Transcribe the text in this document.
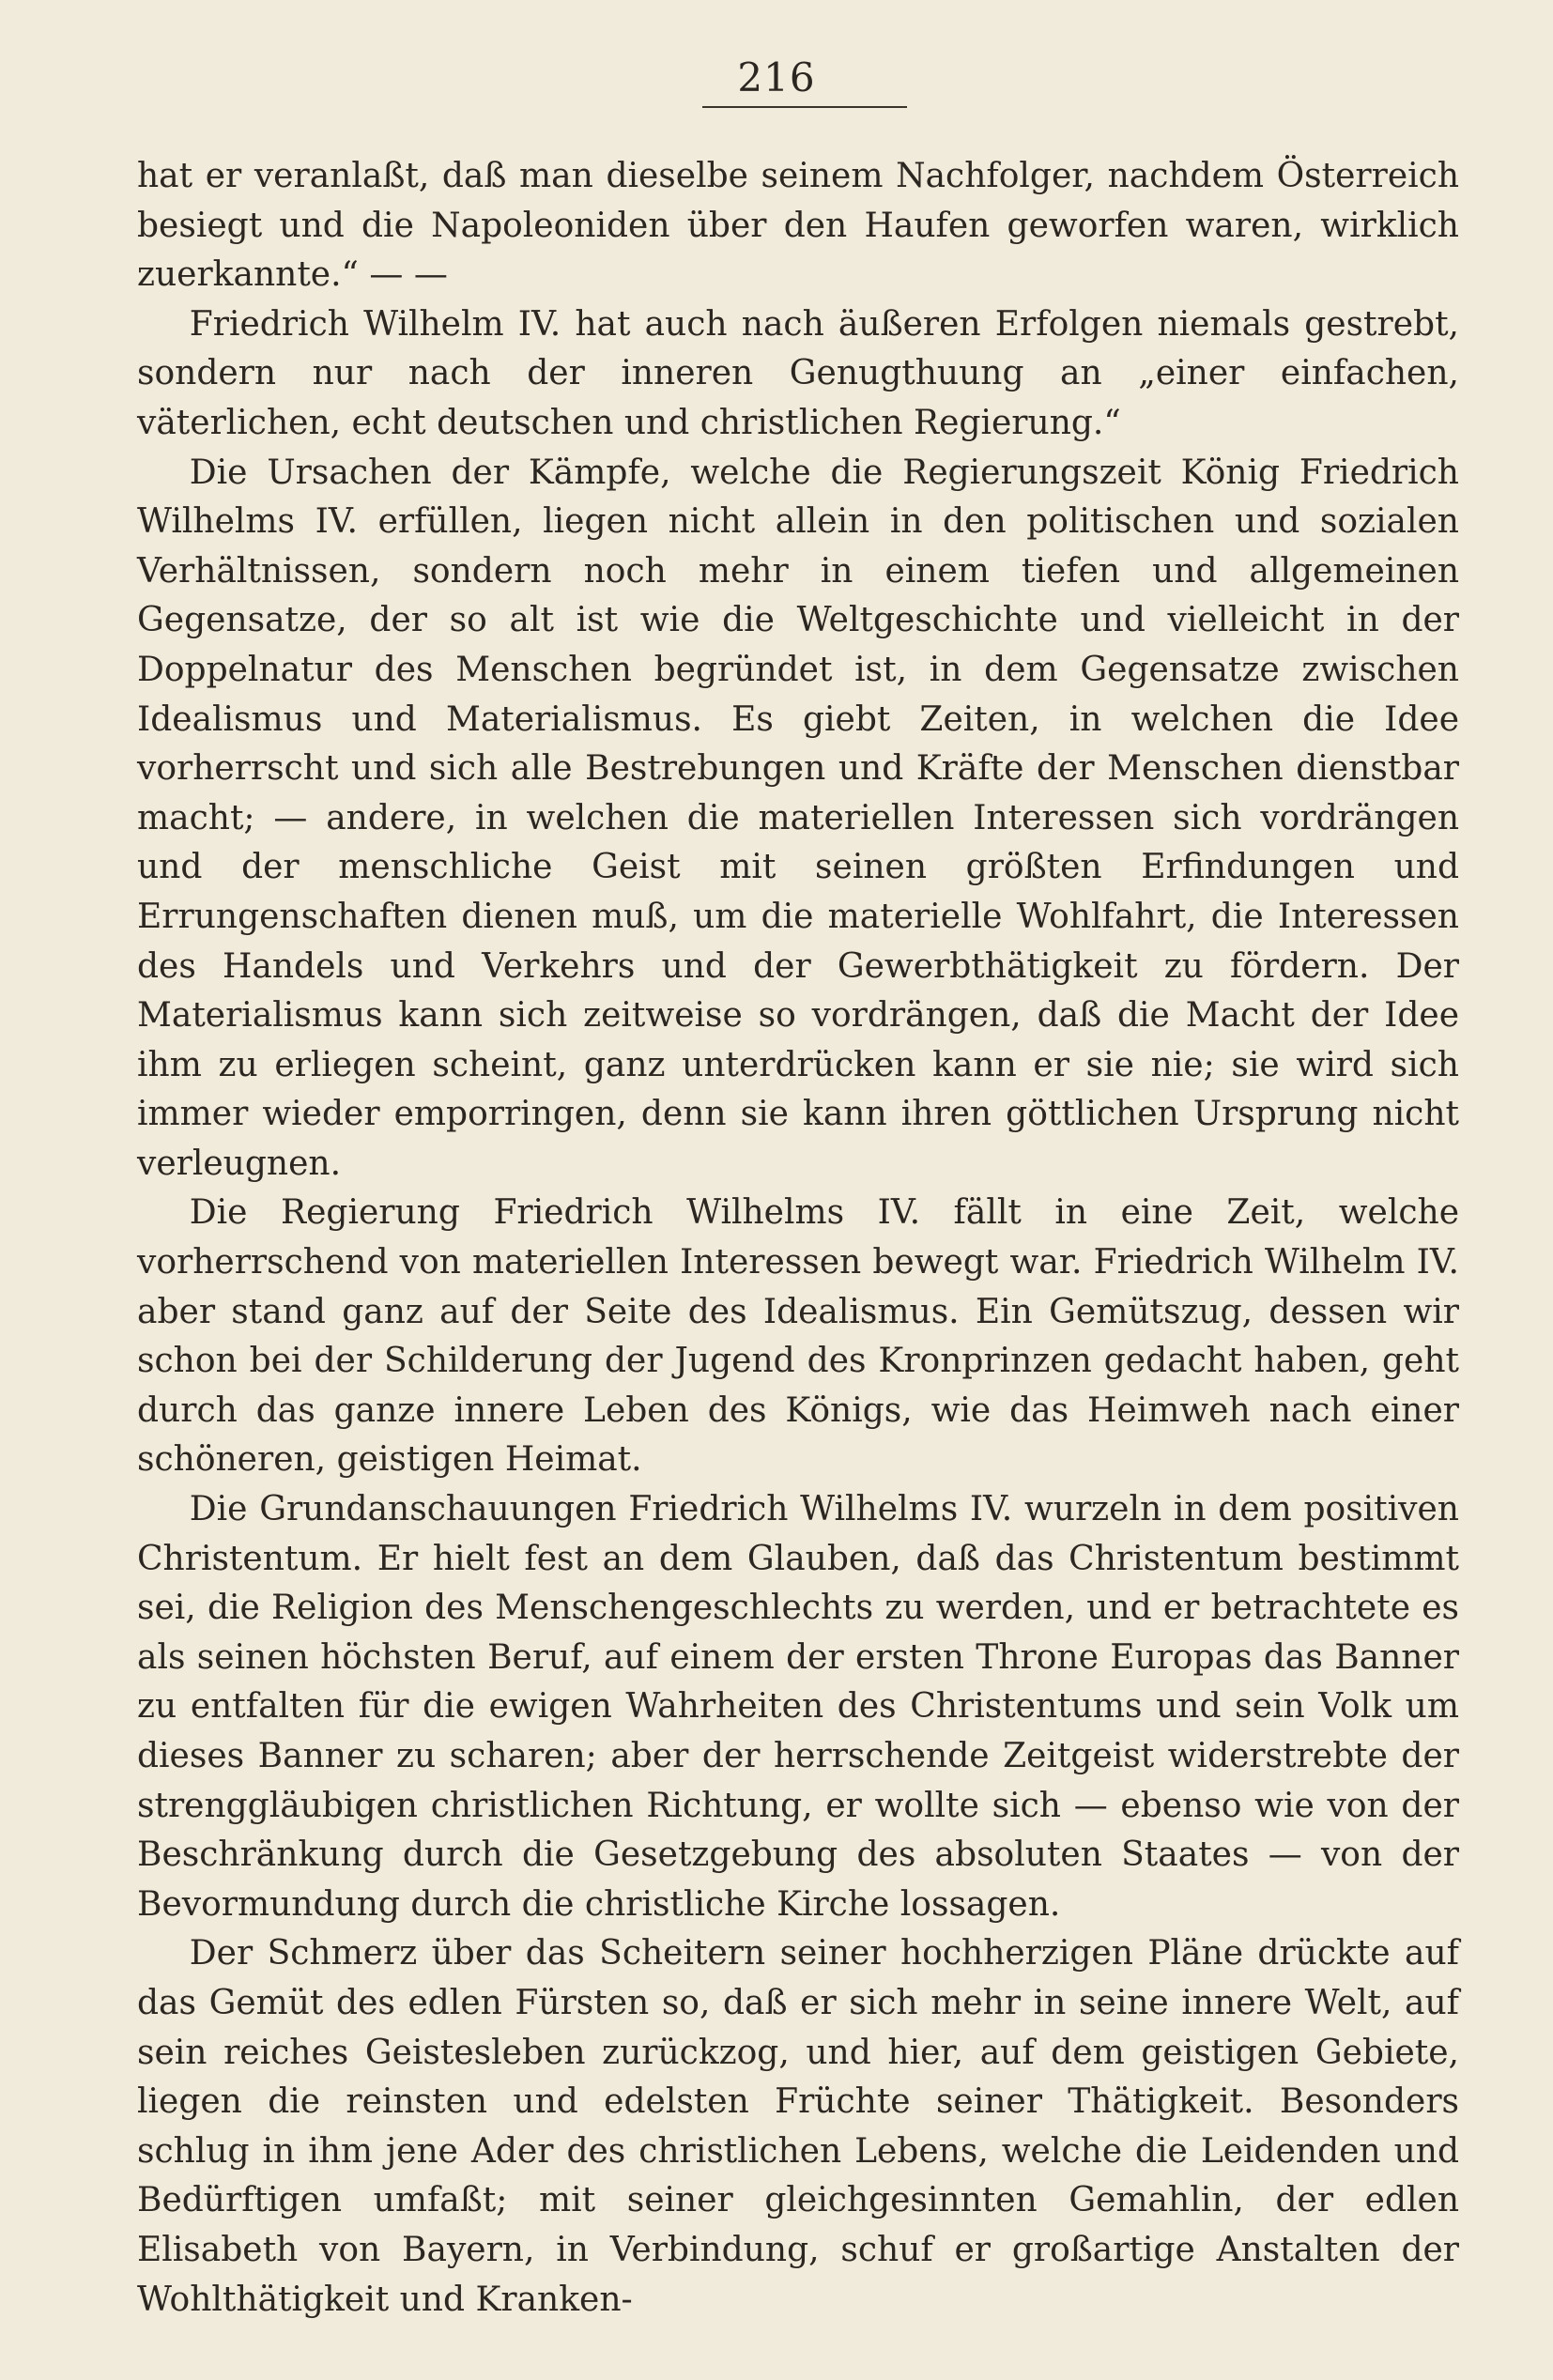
216

hat er veranlaßt, daß man dieselbe seinem Nachfolger, nachdem Österreich besiegt und die Napoleoniden über den Haufen geworfen waren, wirklich zuerkannte.“ — —

Friedrich Wilhelm IV. hat auch nach äußeren Erfolgen niemals gestrebt, sondern nur nach der inneren Genugthuung an „einer einfachen, väterlichen, echt deutschen und christlichen Regierung.“

Die Ursachen der Kämpfe, welche die Regierungszeit König Friedrich Wilhelms IV. erfüllen, liegen nicht allein in den politischen und sozialen Verhältnissen, sondern noch mehr in einem tiefen und allgemeinen Gegensatze, der so alt ist wie die Weltgeschichte und vielleicht in der Doppelnatur des Menschen begründet ist, in dem Gegensatze zwischen Idealismus und Materialismus. Es giebt Zeiten, in welchen die Idee vorherrscht und sich alle Bestrebungen und Kräfte der Menschen dienstbar macht; — andere, in welchen die materiellen Interessen sich vordrängen und der menschliche Geist mit seinen größten Erfindungen und Errungenschaften dienen muß, um die materielle Wohlfahrt, die Interessen des Handels und Verkehrs und der Gewerbthätigkeit zu fördern. Der Materialismus kann sich zeitweise so vordrängen, daß die Macht der Idee ihm zu erliegen scheint, ganz unterdrücken kann er sie nie; sie wird sich immer wieder emporringen, denn sie kann ihren göttlichen Ursprung nicht verleugnen.

Die Regierung Friedrich Wilhelms IV. fällt in eine Zeit, welche vorherrschend von materiellen Interessen bewegt war. Friedrich Wilhelm IV. aber stand ganz auf der Seite des Idealismus. Ein Gemütszug, dessen wir schon bei der Schilderung der Jugend des Kronprinzen gedacht haben, geht durch das ganze innere Leben des Königs, wie das Heimweh nach einer schöneren, geistigen Heimat.

Die Grundanschauungen Friedrich Wilhelms IV. wurzeln in dem positiven Christentum. Er hielt fest an dem Glauben, daß das Christentum bestimmt sei, die Religion des Menschengeschlechts zu werden, und er betrachtete es als seinen höchsten Beruf, auf einem der ersten Throne Europas das Banner zu entfalten für die ewigen Wahrheiten des Christentums und sein Volk um dieses Banner zu scharen; aber der herrschende Zeitgeist widerstrebte der strenggläubigen christlichen Richtung, er wollte sich — ebenso wie von der Beschränkung durch die Gesetzgebung des absoluten Staates — von der Bevormundung durch die christliche Kirche lossagen.

Der Schmerz über das Scheitern seiner hochherzigen Pläne drückte auf das Gemüt des edlen Fürsten so, daß er sich mehr in seine innere Welt, auf sein reiches Geistesleben zurückzog, und hier, auf dem geistigen Gebiete, liegen die reinsten und edelsten Früchte seiner Thätigkeit. Besonders schlug in ihm jene Ader des christlichen Lebens, welche die Leidenden und Bedürftigen umfaßt; mit seiner gleichgesinnten Gemahlin, der edlen Elisabeth von Bayern, in Verbindung, schuf er großartige Anstalten der Wohlthätigkeit und Kranken-
